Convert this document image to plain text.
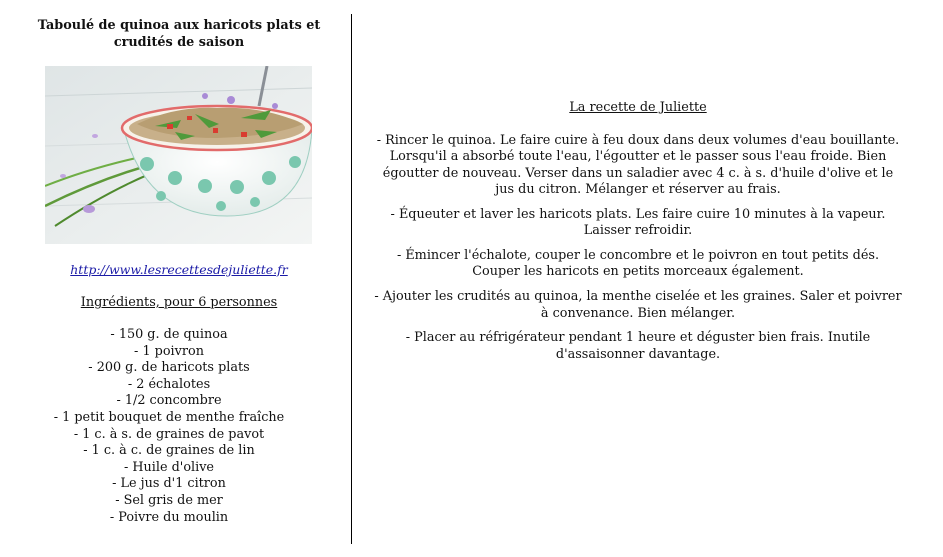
Taboulé de quinoa aux haricots plats et crudités de saison
http://www.lesrecettesdejuliette.fr
Ingrédients, pour 6 personnes
- 150 g. de quinoa
- 1 poivron
- 200 g. de haricots plats
- 2 échalotes
- 1/2 concombre
- 1 petit bouquet de menthe fraîche
- 1 c. à s. de graines de pavot
- 1 c. à c. de graines de lin
- Huile d'olive
- Le jus d'1 citron
- Sel gris de mer
- Poivre du moulin
La recette de Juliette
- Rincer le quinoa. Le faire cuire à feu doux dans deux volumes d'eau bouillante. Lorsqu'il a absorbé toute l'eau, l'égoutter et le passer sous l'eau froide. Bien égoutter de nouveau. Verser dans un saladier avec 4 c. à s. d'huile d'olive et le jus du citron. Mélanger et réserver au frais.
- Équeuter et laver les haricots plats. Les faire cuire 10 minutes à la vapeur. Laisser refroidir.
- Émincer l'échalote, couper le concombre et le poivron en tout petits dés. Couper les haricots en petits morceaux également.
- Ajouter les crudités au quinoa, la menthe ciselée et les graines. Saler et poivrer à convenance. Bien mélanger.
- Placer au réfrigérateur pendant 1 heure et déguster bien frais. Inutile d'assaisonner davantage.
